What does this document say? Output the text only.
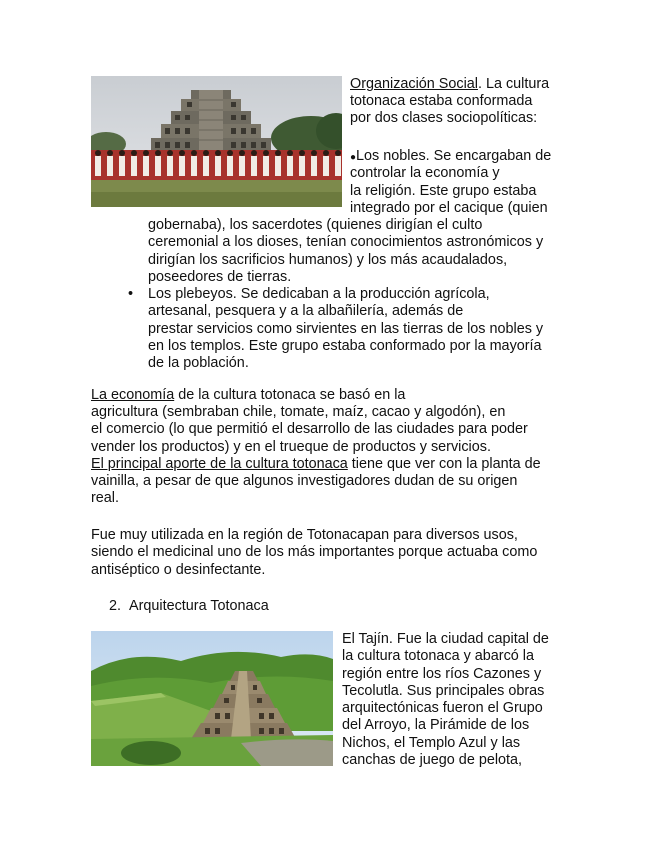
Organización Social. La cultura
totonaca estaba conformada
por dos clases sociopolíticas:
●Los nobles. Se encargaban de
controlar la economía y
la religión. Este grupo estaba
integrado por el cacique (quien
gobernaba), los sacerdotes (quienes dirigían el culto
ceremonial a los dioses, tenían conocimientos astronómicos y
dirigían los sacrificios humanos) y los más acaudalados,
poseedores de tierras.
• Los plebeyos. Se dedicaban a la producción agrícola,
artesanal, pesquera y a la albañilería, además de
prestar servicios como sirvientes en las tierras de los nobles y
en los templos. Este grupo estaba conformado por la mayoría
de la población.
La economía de la cultura totonaca se basó en la
agricultura (sembraban chile, tomate, maíz, cacao y algodón), en
el comercio (lo que permitió el desarrollo de las ciudades para poder
vender los productos) y en el trueque de productos y servicios.
El principal aporte de la cultura totonaca tiene que ver con la planta de
vainilla, a pesar de que algunos investigadores dudan de su origen
real.
Fue muy utilizada en la región de Totonacapan para diversos usos,
siendo el medicinal uno de los más importantes porque actuaba como
antiséptico o desinfectante.
2. Arquitectura Totonaca
El Tajín. Fue la ciudad capital de
la cultura totonaca y abarcó la
región entre los ríos Cazones y
Tecolutla. Sus principales obras
arquitectónicas fueron el Grupo
del Arroyo, la Pirámide de los
Nichos, el Templo Azul y las
canchas de juego de pelota,
